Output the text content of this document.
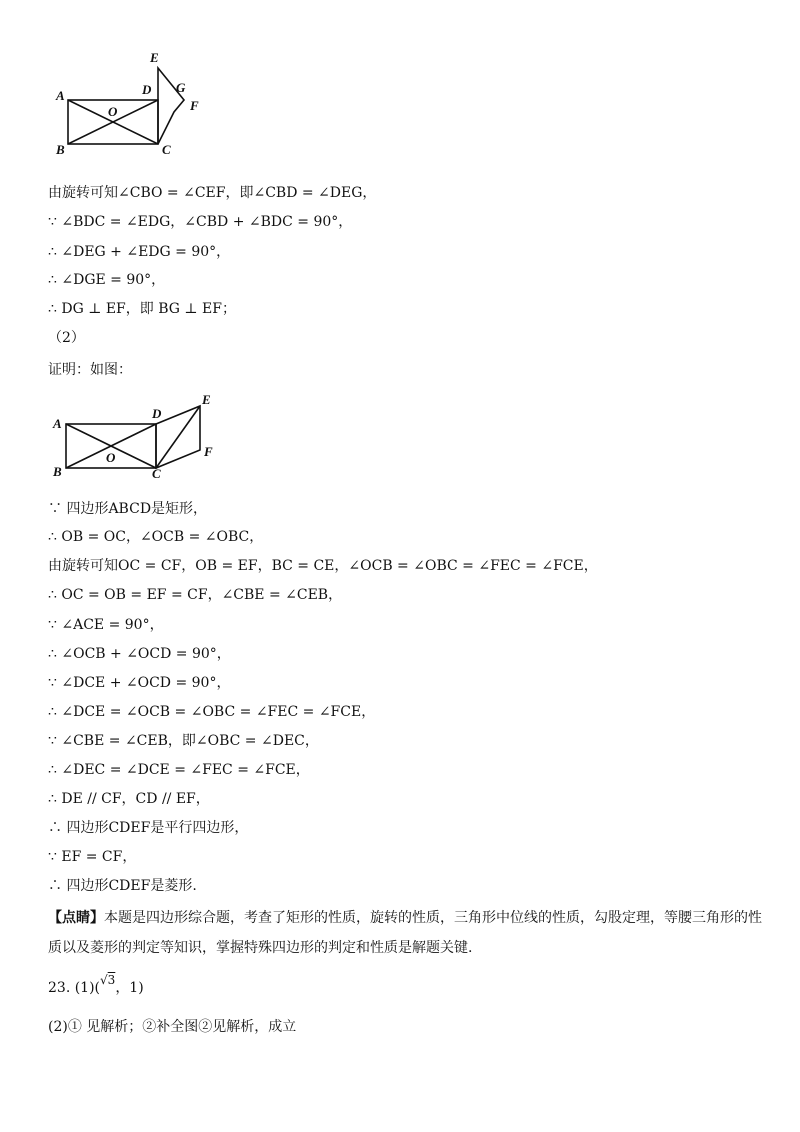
A
B	C
D
E
F
G
O
由旋转可知∠CBO = ∠CEF，即∠CBD = ∠DEG，
∵ ∠BDC = ∠EDG，∠CBD + ∠BDC = 90°，
∴ ∠DEG + ∠EDG = 90°，
∴ ∠DGE = 90°，
∴ DG ⊥ EF，即 BG ⊥ EF；
（2）
证明：如图：
A
B	C
D
E
F
O
∵ 四边形ABCD是矩形，
∴ OB = OC，∠OCB = ∠OBC，
由旋转可知OC = CF，OB = EF，BC = CE，∠OCB = ∠OBC = ∠FEC = ∠FCE，
∴ OC = OB = EF = CF，∠CBE = ∠CEB，
∵ ∠ACE = 90°，
∴ ∠OCB + ∠OCD = 90°，
∵ ∠DCE + ∠OCD = 90°，
∴ ∠DCE = ∠OCB = ∠OBC = ∠FEC = ∠FCE，
∵ ∠CBE = ∠CEB，即∠OBC = ∠DEC，
∴ ∠DEC = ∠DCE = ∠FEC = ∠FCE，
∴ DE // CF，CD // EF，
∴ 四边形CDEF是平行四边形，
∵ EF = CF，
∴ 四边形CDEF是菱形.
【点睛】本题是四边形综合题，考查了矩形的性质，旋转的性质，三角形中位线的性质，勾股定理，等腰三角形的性质以及菱形的判定等知识，掌握特殊四边形的判定和性质是解题关键.
23. (1)(√3，1)
(2)① 见解析；②补全图②见解析，成立
